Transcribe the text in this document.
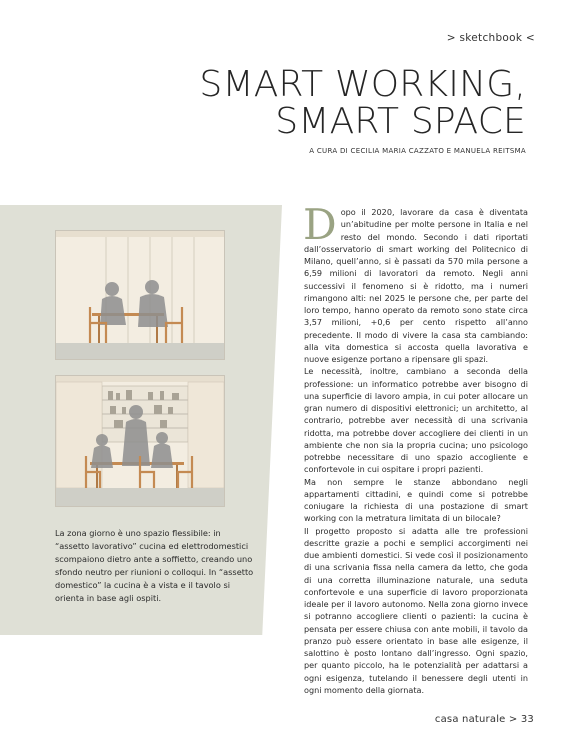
> sketchbook <
SMART WORKING,
SMART SPACE
A CURA DI CECILIA MARIA CAZZATO E MANUELA REITSMA
La zona giorno è uno spazio flessibile: in “assetto lavorativo” cucina ed elettrodomestici scompaiono dietro ante a soffietto, creando uno sfondo neutro per riunioni o colloqui. In “assetto domestico” la cucina è a vista e il tavolo si orienta in base agli ospiti.
D opo il 2020, lavorare da casa è diventata un’abitudine per molte persone in Italia e nel resto del mondo. Secondo i dati riportati dall’osservatorio di smart working del Politecnico di Milano, quell’anno, si è passati da 570 mila persone a 6,59 milioni di lavoratori da remoto. Negli anni successivi il fenomeno si è ridotto, ma i numeri rimangono alti: nel 2025 le persone che, per parte del loro tempo, hanno operato da remoto sono state circa 3,57 milioni, +0,6 per cento rispetto all’anno precedente. Il modo di vivere la casa sta cambiando: alla vita domestica si accosta quella lavorativa e nuove esigenze portano a ripensare gli spazi.

Le necessità, inoltre, cambiano a seconda della professione: un informatico potrebbe aver bisogno di una superficie di lavoro ampia, in cui poter allocare un gran numero di dispositivi elettronici; un architetto, al contrario, potrebbe aver necessità di una scrivania ridotta, ma potrebbe dover accogliere dei clienti in un ambiente che non sia la propria cucina; uno psicologo potrebbe necessitare di uno spazio accogliente e confortevole in cui ospitare i propri pazienti.

Ma non sempre le stanze abbondano negli appartamenti cittadini, e quindi come si potrebbe coniugare la richiesta di una postazione di smart working con la metratura limitata di un bilocale?

Il progetto proposto si adatta alle tre professioni descritte grazie a pochi e semplici accorgimenti nei due ambienti domestici. Si vede così il posizionamento di una scrivania fissa nella camera da letto, che goda di una corretta illuminazione naturale, una seduta confortevole e una superficie di lavoro proporzionata ideale per il lavoro autonomo. Nella zona giorno invece si potranno accogliere clienti o pazienti: la cucina è pensata per essere chiusa con ante mobili, il tavolo da pranzo può essere orientato in base alle esigenze, il salottino è posto lontano dall’ingresso. Ogni spazio, per quanto piccolo, ha le potenzialità per adattarsi a ogni esigenza, tutelando il benessere degli utenti in ogni momento della giornata.

casa naturale > 33
